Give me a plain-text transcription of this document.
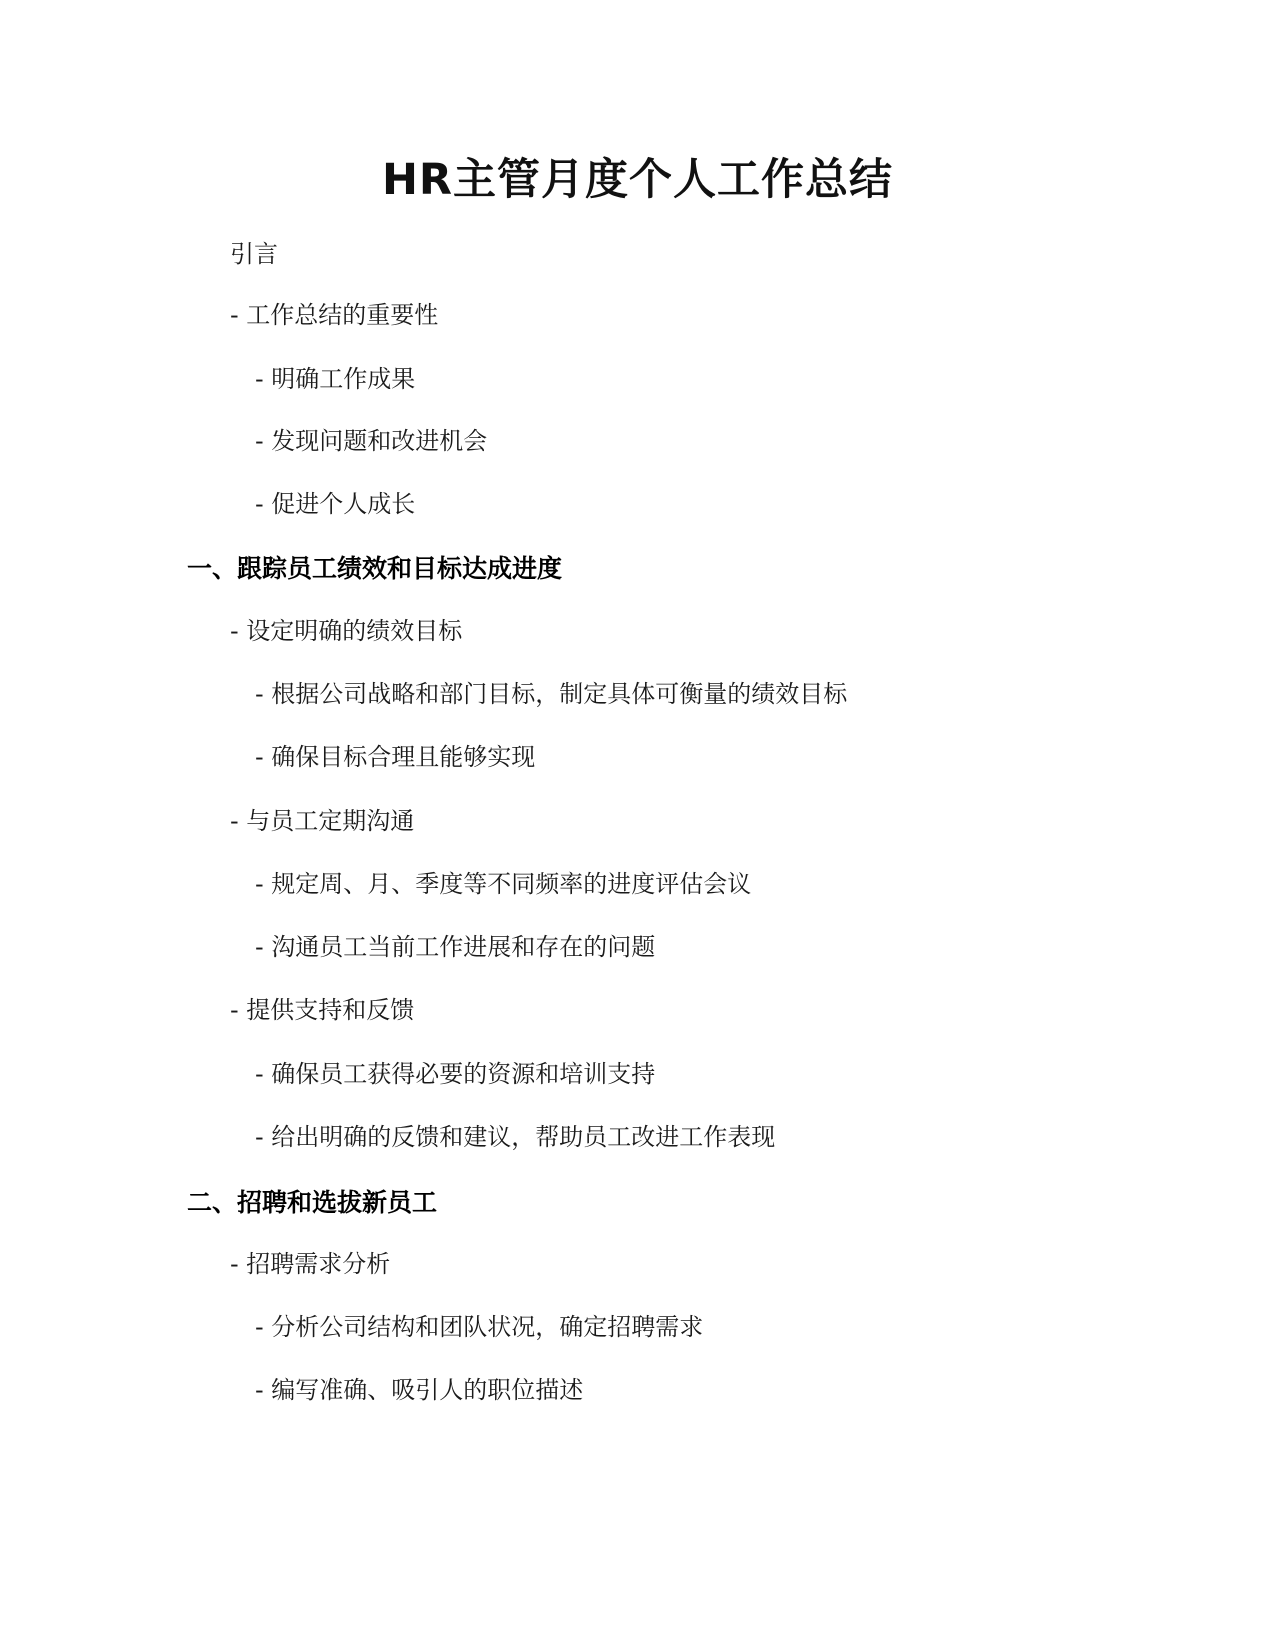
HR主管月度个人工作总结
引言
- 工作总结的重要性
- 明确工作成果
- 发现问题和改进机会
- 促进个人成长
一、跟踪员工绩效和目标达成进度
- 设定明确的绩效目标
- 根据公司战略和部门目标，制定具体可衡量的绩效目标
- 确保目标合理且能够实现
- 与员工定期沟通
- 规定周、月、季度等不同频率的进度评估会议
- 沟通员工当前工作进展和存在的问题
- 提供支持和反馈
- 确保员工获得必要的资源和培训支持
- 给出明确的反馈和建议，帮助员工改进工作表现
二、招聘和选拔新员工
- 招聘需求分析
- 分析公司结构和团队状况，确定招聘需求
- 编写准确、吸引人的职位描述
